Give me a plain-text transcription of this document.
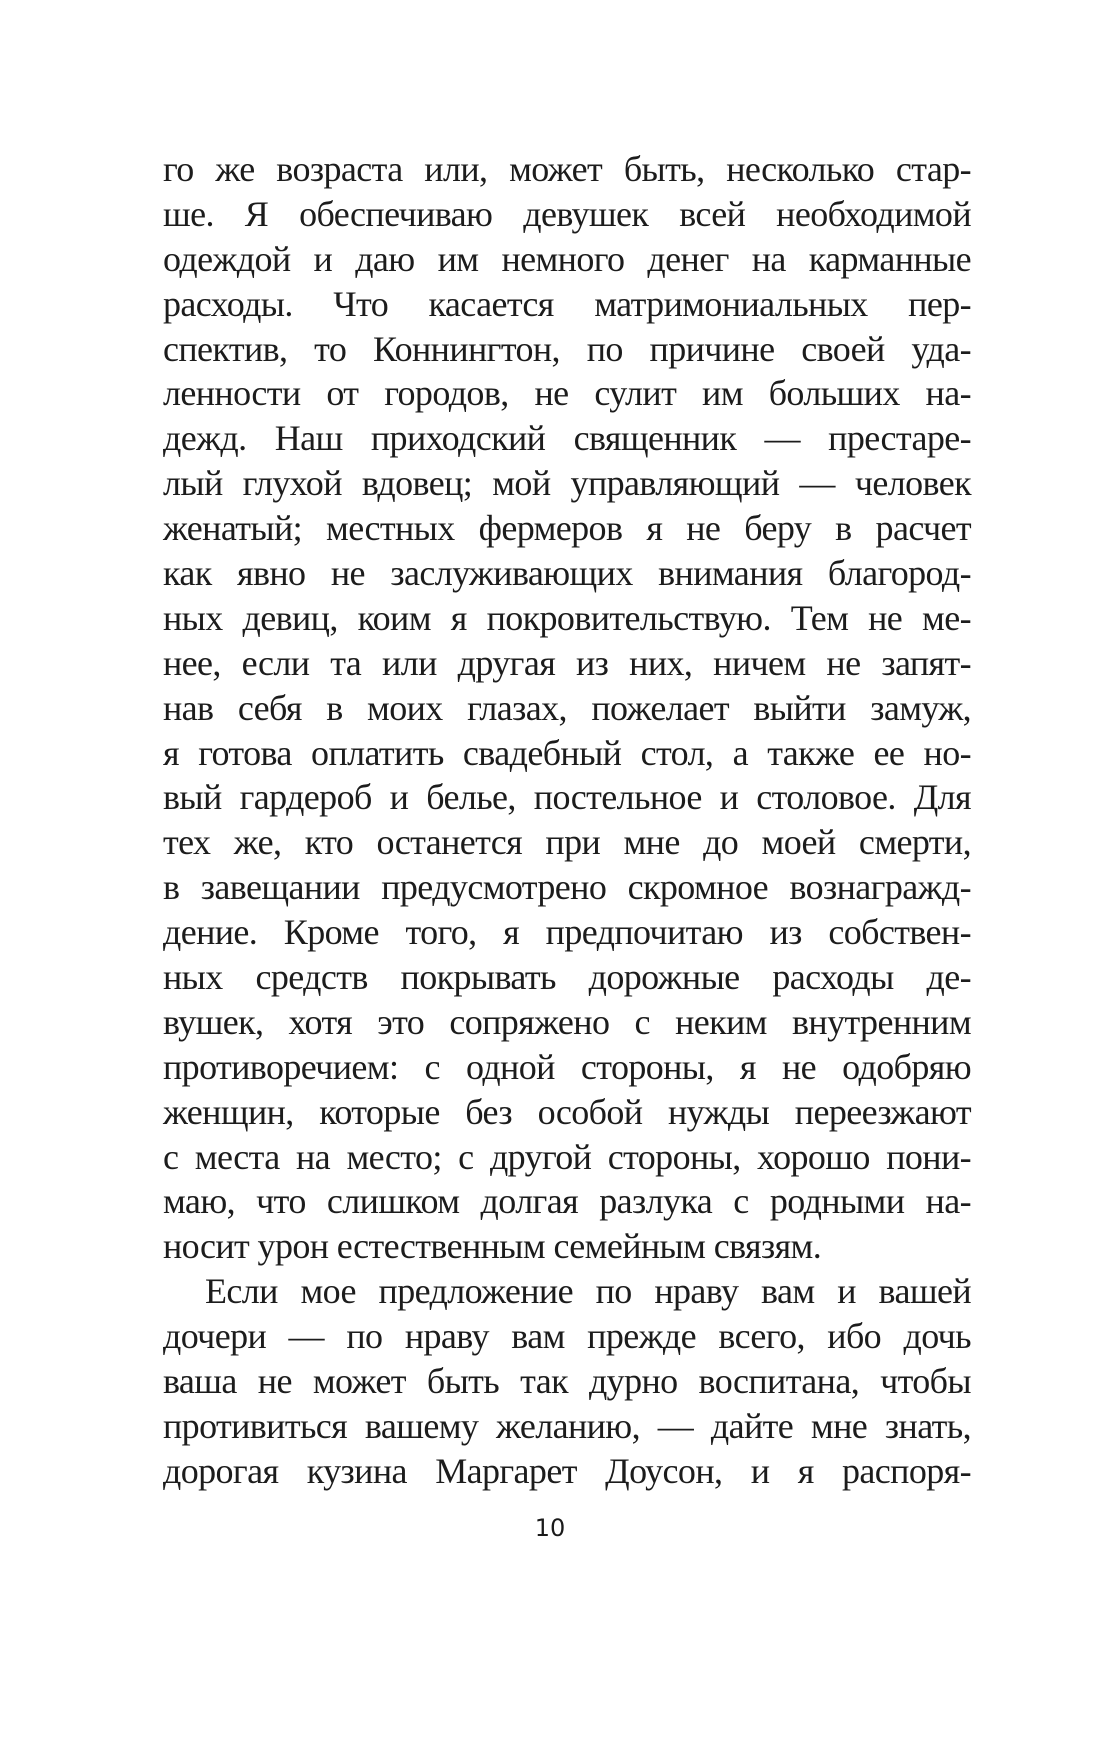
го же возраста или, может быть, несколько стар-
ше. Я обеспечиваю девушек всей необходимой
одеждой и даю им немного денег на карманные
расходы. Что касается матримониальных пер-
спектив, то Коннингтон, по причине своей уда-
ленности от городов, не сулит им больших на-
дежд. Наш приходский священник — престаре-
лый глухой вдовец; мой управляющий — человек
женатый; местных фермеров я не беру в расчет
как явно не заслуживающих внимания благород-
ных девиц, коим я покровительствую. Тем не ме-
нее, если та или другая из них, ничем не запят-
нав себя в моих глазах, пожелает выйти замуж,
я готова оплатить свадебный стол, а также ее но-
вый гардероб и белье, постельное и столовое. Для
тех же, кто останется при мне до моей смерти,
в завещании предусмотрено скромное вознагражд-
дение. Кроме того, я предпочитаю из собствен-
ных средств покрывать дорожные расходы де-
вушек, хотя это сопряжено с неким внутренним
противоречием: с одной стороны, я не одобряю
женщин, которые без особой нужды переезжают
с места на место; с другой стороны, хорошо пони-
маю, что слишком долгая разлука с родными на-
носит урон естественным семейным связям.
Если мое предложение по нраву вам и вашей
дочери — по нраву вам прежде всего, ибо дочь
ваша не может быть так дурно воспитана, чтобы
противиться вашему желанию, — дайте мне знать,
дорогая кузина Маргарет Доусон, и я распоря-
10
